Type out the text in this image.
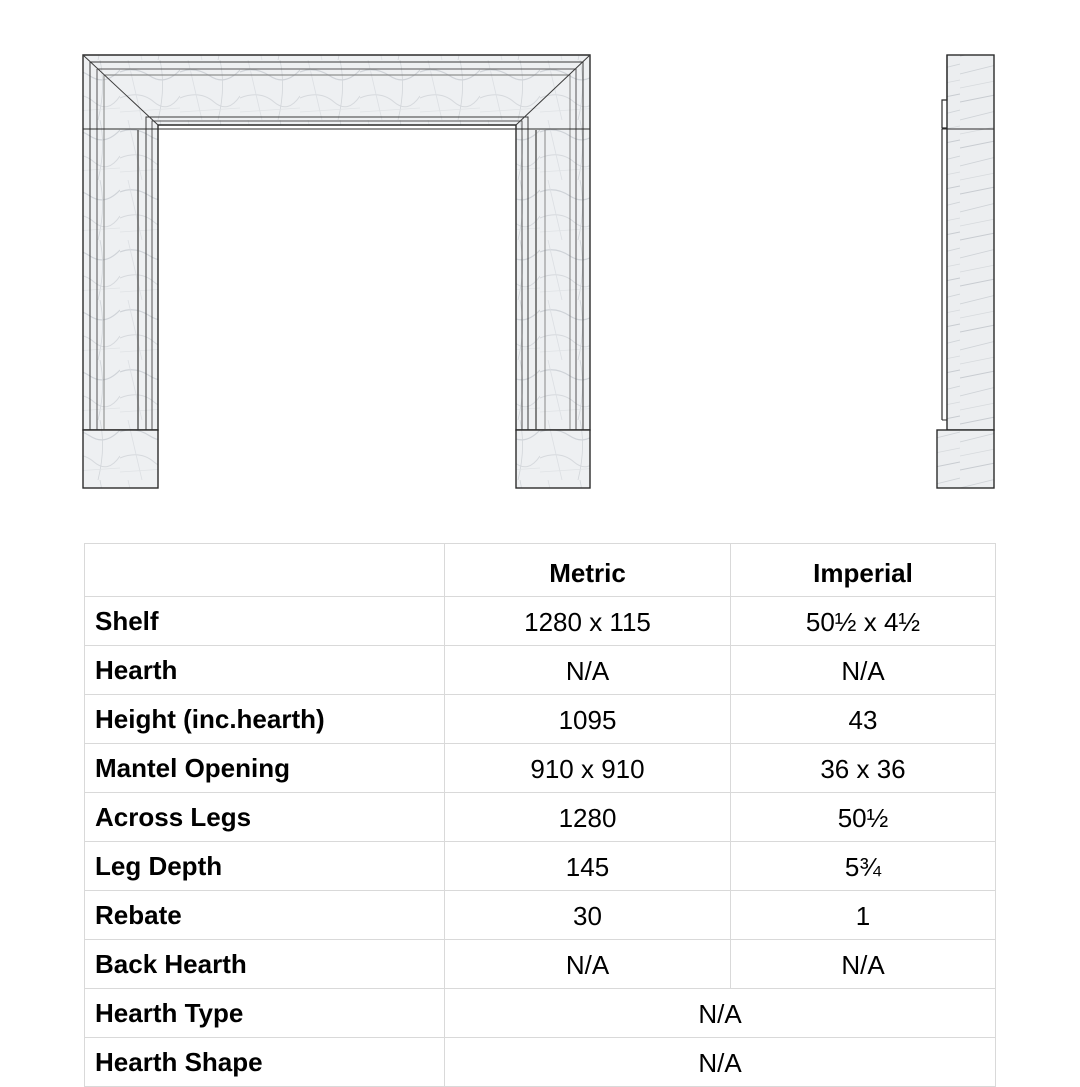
	Metric	Imperial
Shelf	1280 x 115	50½ x 4½
Hearth	N/A	N/A
Height (inc.hearth)	1095	43
Mantel Opening	910 x 910	36 x 36
Across Legs	1280	50½
Leg Depth	145	5¾
Rebate	30	1
Back Hearth	N/A	N/A
Hearth Type	N/A	
Hearth Shape	N/A	
